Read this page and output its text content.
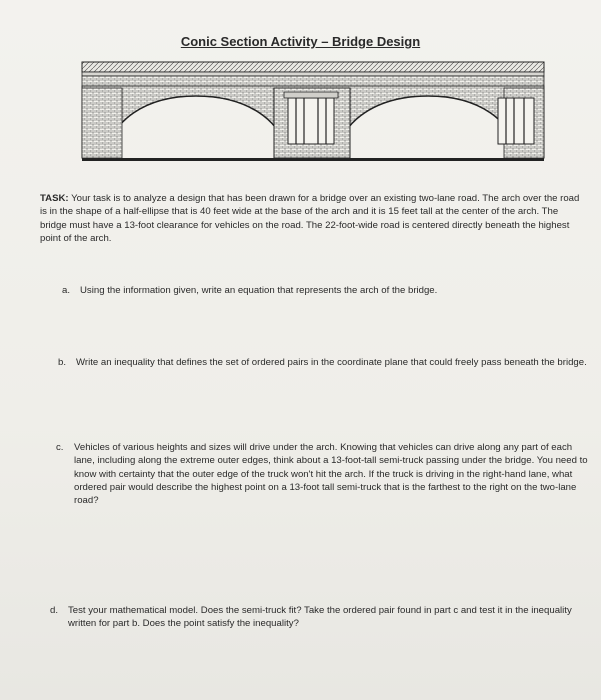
Conic Section Activity – Bridge Design
TASK: Your task is to analyze a design that has been drawn for a bridge over an existing two-lane road. The arch over the road is in the shape of a half-ellipse that is 40 feet wide at the base of the arch and it is 15 feet tall at the center of the arch. The bridge must have a 13-foot clearance for vehicles on the road. The 22-foot-wide road is centered directly beneath the highest point of the arch.
a. Using the information given, write an equation that represents the arch of the bridge.
b. Write an inequality that defines the set of ordered pairs in the coordinate plane that could freely pass beneath the bridge.
c. Vehicles of various heights and sizes will drive under the arch. Knowing that vehicles can drive along any part of each lane, including along the extreme outer edges, think about a 13-foot-tall semi-truck passing under the bridge. You need to know with certainty that the outer edge of the truck won't hit the arch. If the truck is driving in the right-hand lane, what ordered pair would describe the highest point on a 13-foot tall semi-truck that is the farthest to the right on the two-lane road?
d. Test your mathematical model. Does the semi-truck fit? Take the ordered pair found in part c and test it in the inequality written for part b. Does the point satisfy the inequality?
